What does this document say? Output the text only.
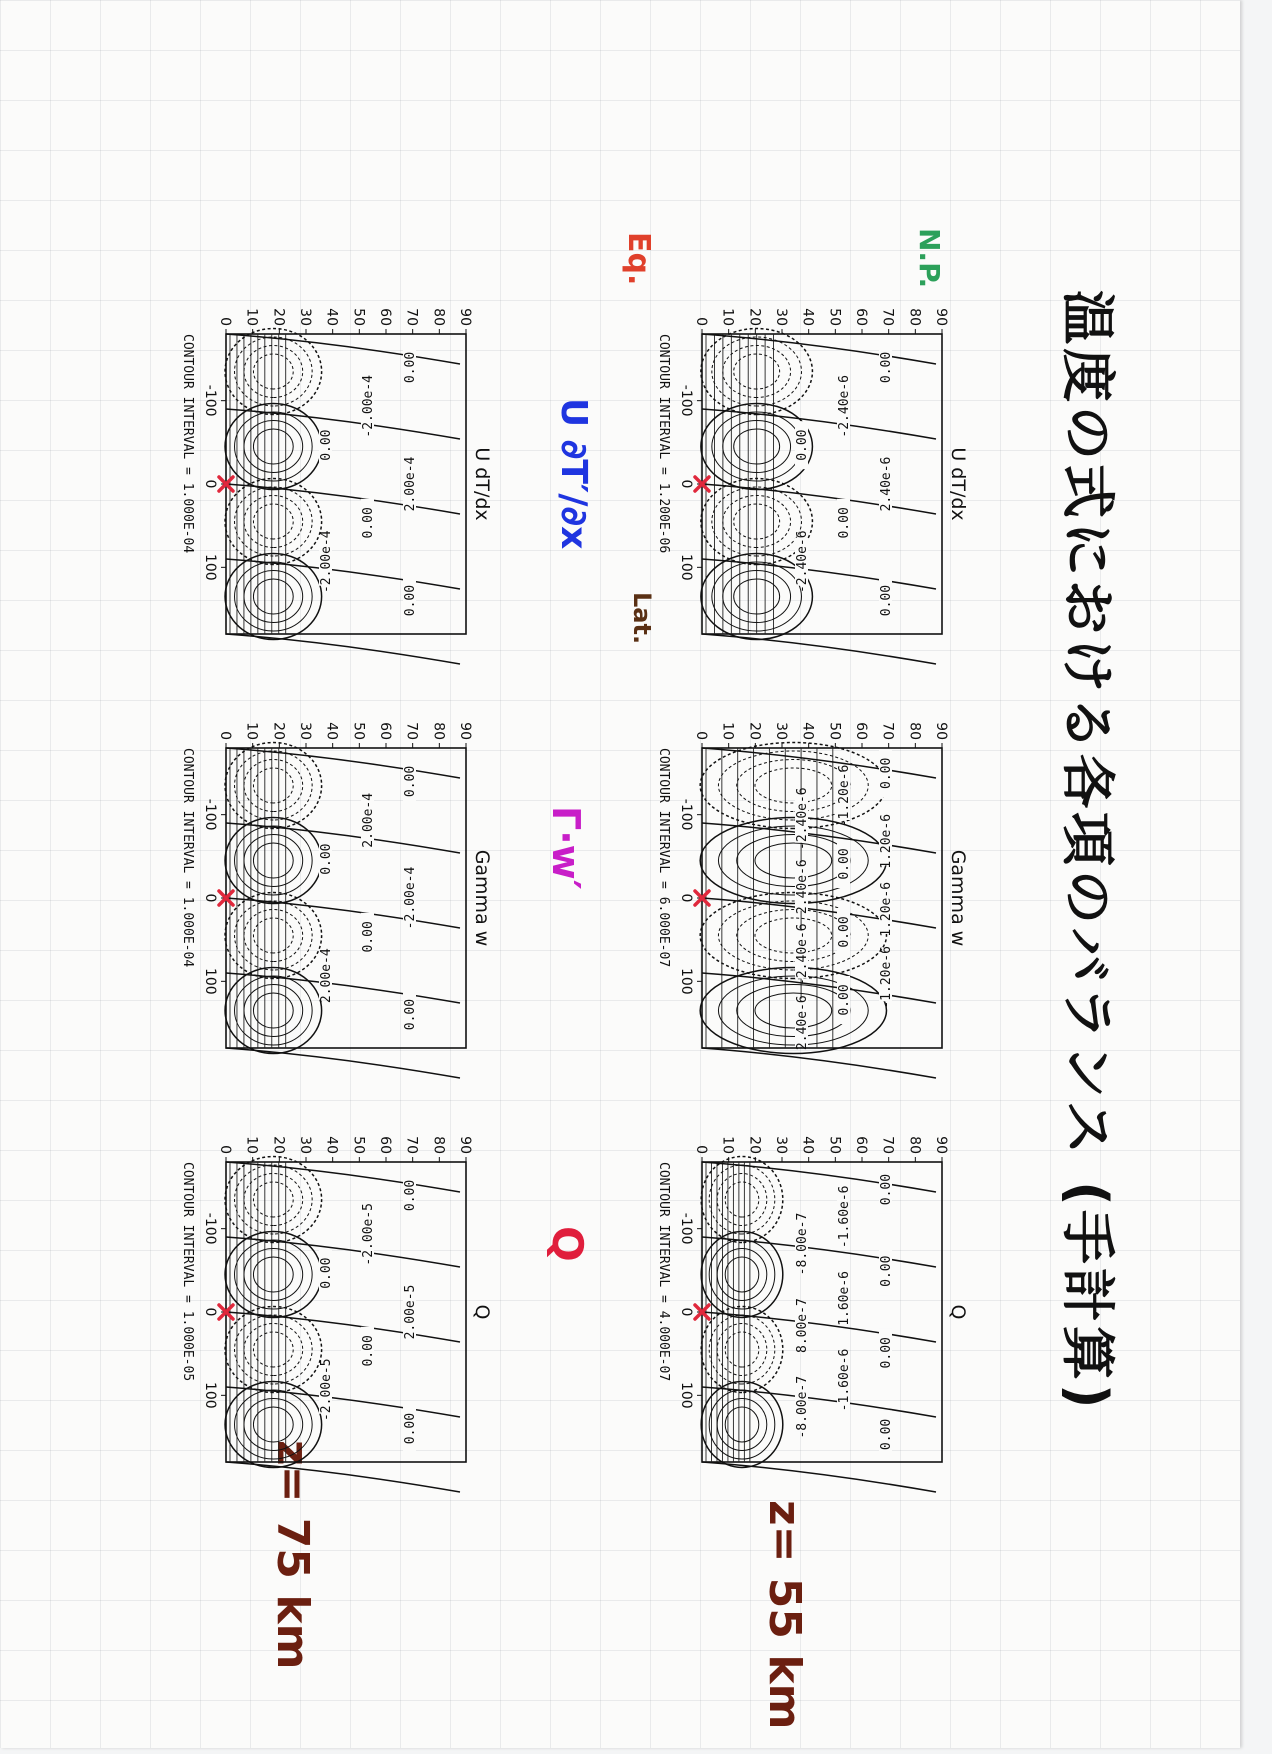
温度の式における各項のバランス (手計算)
N.P.
Eq.
Lat.
U ∂T′/∂x
Γ·w′
Q
z= 55 km
z= 75 km
U dT/dx
0 10 20 30 40 50 60 70 80 90
-100
0
100
CONTOUR INTERVAL = 1.200E-06	0.00
-2.40e-6
0.00
2.40e-6
0.00
-2.40e-6
0.00
Gamma w
0 10 20 30 40 50 60 70 80 90
-100
0
100
CONTOUR INTERVAL = 6.000E-07	0.00
-1.20e-6
-2.40e-6	1.20e-6
0.00
2.40e-6	1.20e-6
0.00
-2.40e-6	-1.20e-6
0.00
2.40e-6
Q
0 10 20 30 40 50 60 70 80 90
-100
0
100
CONTOUR INTERVAL = 4.000E-07	0.00
-1.60e-6
-8.00e-7	0.00
1.60e-6
8.00e-7	0.00
-1.60e-6
-8.00e-7	0.00
U dT/dx
0 10 20 30 40 50 60 70 80 90
-100
0
100
CONTOUR INTERVAL = 1.000E-04	0.00
-2.00e-4
0.00
2.00e-4
0.00
-2.00e-4
0.00
Gamma w
0 10 20 30 40 50 60 70 80 90
-100
0
100
CONTOUR INTERVAL = 1.000E-04	0.00
2.00e-4
0.00
-2.00e-4
0.00
2.00e-4
0.00
Q
0 10 20 30 40 50 60 70 80 90
-100
0
100
CONTOUR INTERVAL = 1.000E-05	0.00
-2.00e-5
0.00
2.00e-5
0.00
-2.00e-5
0.00
